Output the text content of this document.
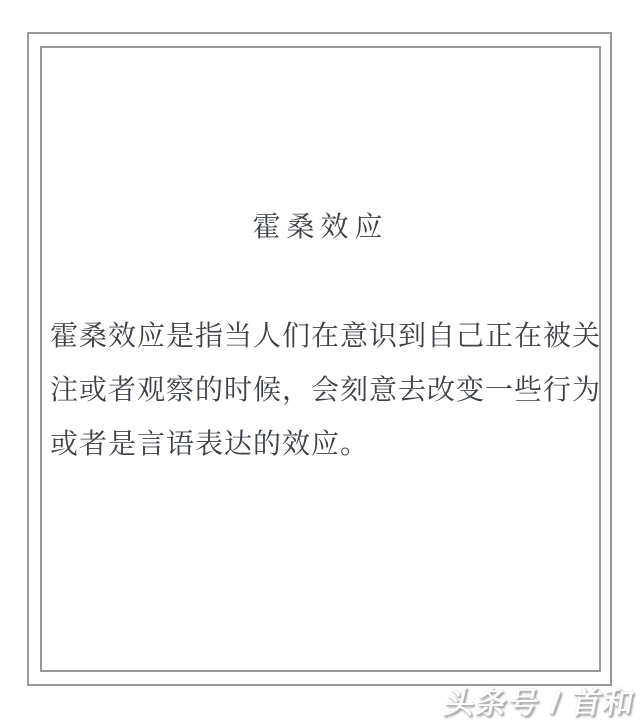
霍桑效应
霍桑效应是指当人们在意识到自己正在被关
注或者观察的时候，会刻意去改变一些行为
或者是言语表达的效应。
头条号 / 首和
